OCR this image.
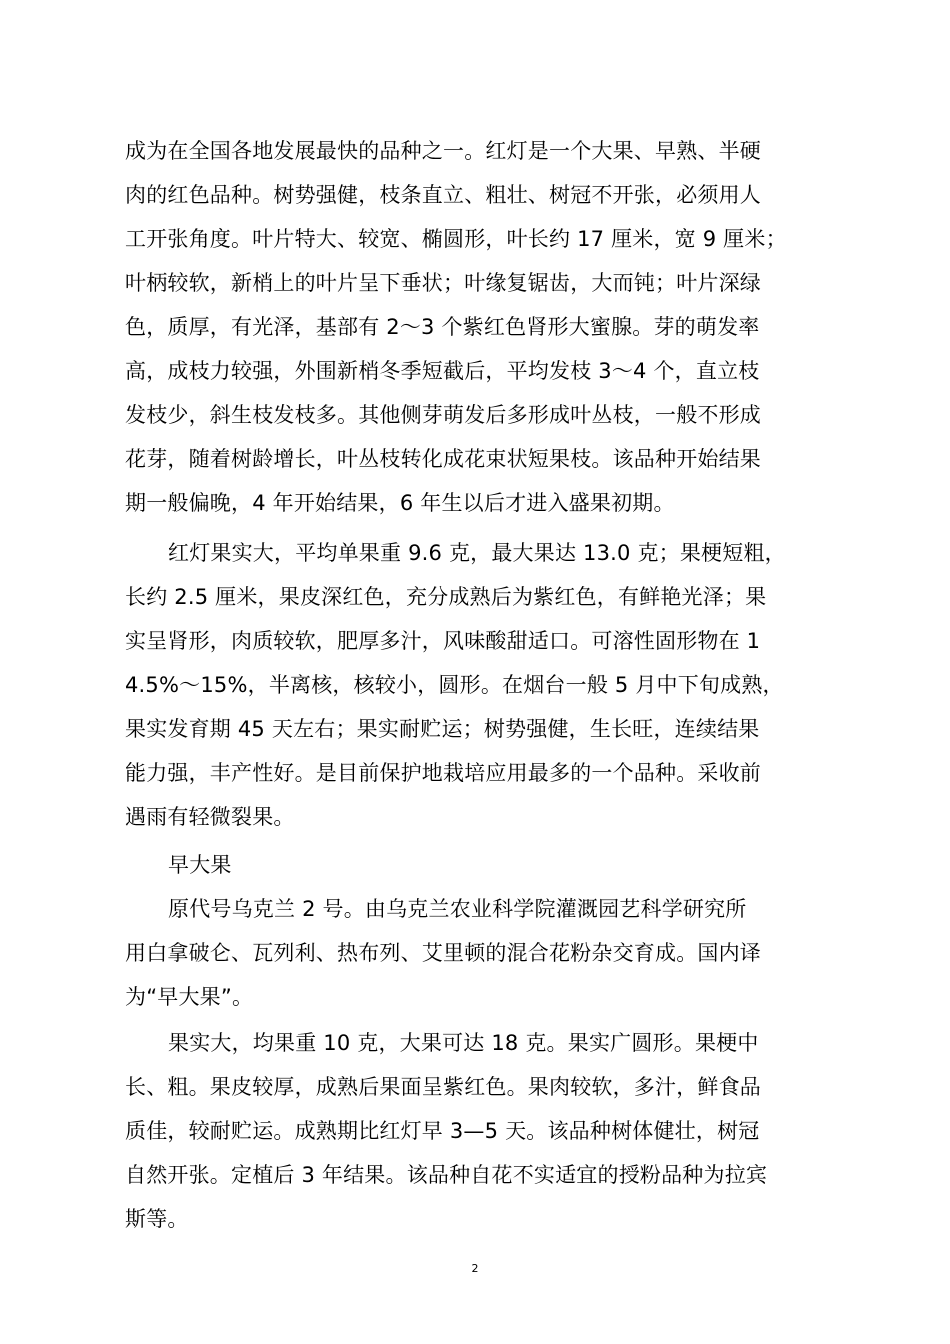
成为在全国各地发展最快的品种之一。红灯是一个大果、早熟、半硬
肉的红色品种。树势强健，枝条直立、粗壮、树冠不开张，必须用人
工开张角度。叶片特大、较宽、椭圆形，叶长约 17 厘米，宽 9 厘米；
叶柄较软，新梢上的叶片呈下垂状；叶缘复锯齿，大而钝；叶片深绿
色，质厚，有光泽，基部有 2～3 个紫红色肾形大蜜腺。芽的萌发率
高，成枝力较强，外围新梢冬季短截后，平均发枝 3～4 个，直立枝
发枝少，斜生枝发枝多。其他侧芽萌发后多形成叶丛枝，一般不形成
花芽，随着树龄增长，叶丛枝转化成花束状短果枝。该品种开始结果
期一般偏晚，4 年开始结果，6 年生以后才进入盛果初期。
红灯果实大，平均单果重 9.6 克，最大果达 13.0 克；果梗短粗，
长约 2.5 厘米，果皮深红色，充分成熟后为紫红色，有鲜艳光泽；果
实呈肾形，肉质较软，肥厚多汁，风味酸甜适口。可溶性固形物在 1
4.5%～15%，半离核，核较小，圆形。在烟台一般 5 月中下旬成熟，
果实发育期 45 天左右；果实耐贮运；树势强健，生长旺，连续结果
能力强，丰产性好。是目前保护地栽培应用最多的一个品种。采收前
遇雨有轻微裂果。
早大果
原代号乌克兰 2 号。由乌克兰农业科学院灌溉园艺科学研究所
用白拿破仑、瓦列利、热布列、艾里顿的混合花粉杂交育成。国内译
为“早大果”。
果实大，均果重 10 克，大果可达 18 克。果实广圆形。果梗中
长、粗。果皮较厚，成熟后果面呈紫红色。果肉较软，多汁，鲜食品
质佳，较耐贮运。成熟期比红灯早 3—5 天。该品种树体健壮，树冠
自然开张。定植后 3 年结果。该品种自花不实适宜的授粉品种为拉宾
斯等。
2
